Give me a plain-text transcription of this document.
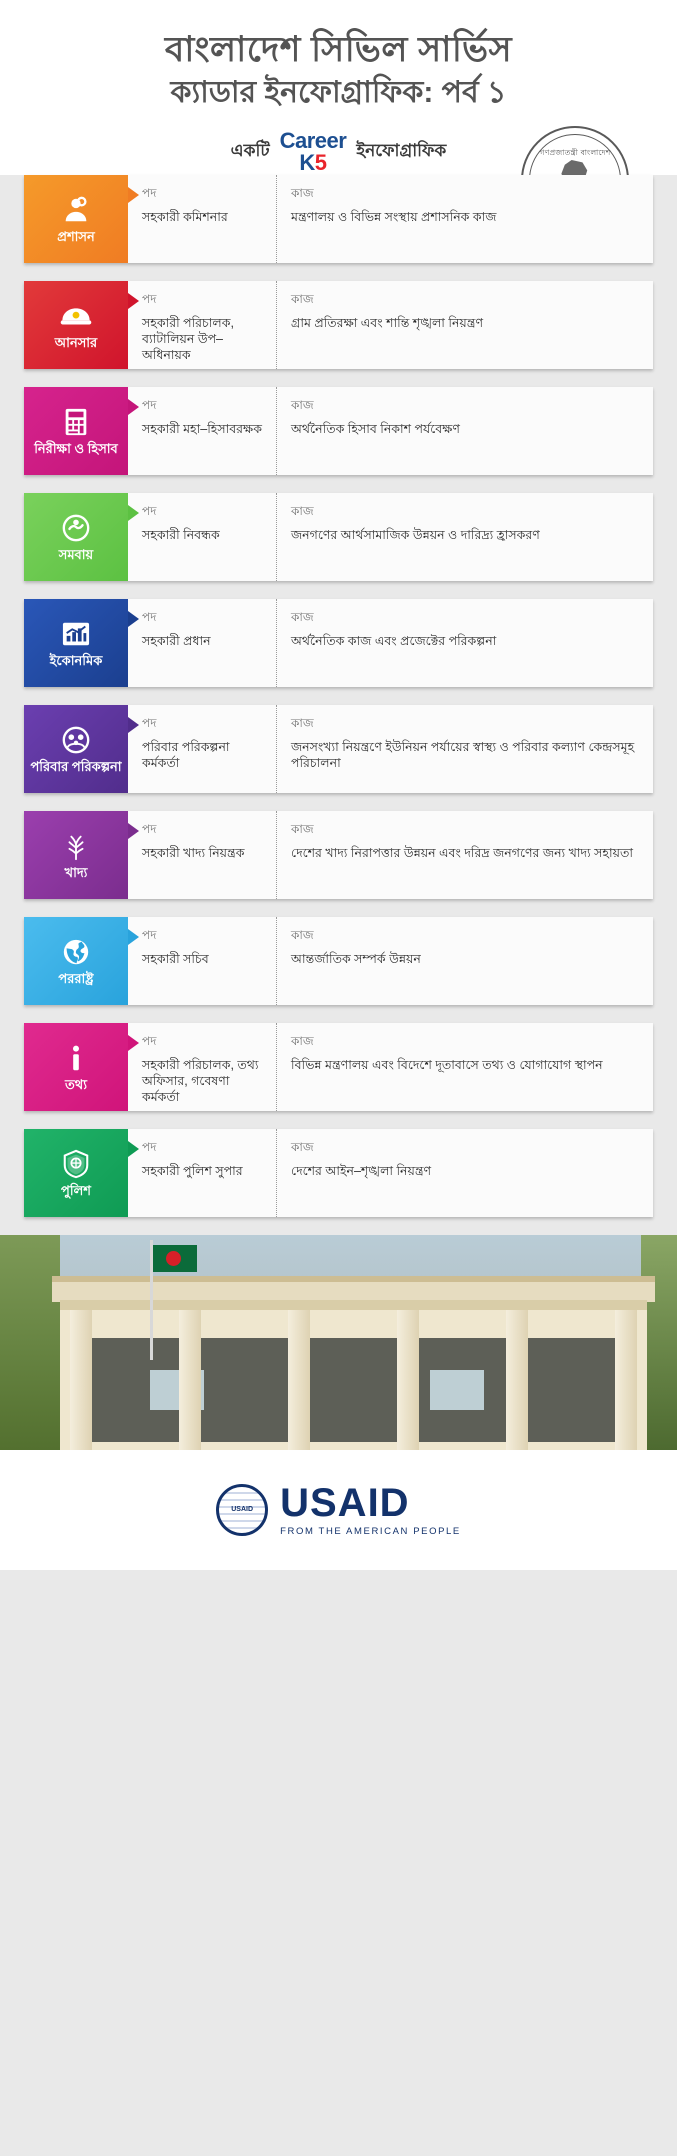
বাংলাদেশ সিভিল সার্ভিস
ক্যাডার ইনফোগ্রাফিক: পর্ব ১
একটি Career
K5	ইনফোগ্রাফিক	গণপ্রজাতন্ত্রী বাংলাদেশ
প্রশাসন
পদ
সহকারী কমিশনার
কাজ
মন্ত্রণালয় ও বিভিন্ন সংস্থায় প্রশাসনিক কাজ
আনসার
পদ
সহকারী পরিচালক, ব্যাটালিয়ন উপ–অধিনায়ক
কাজ
গ্রাম প্রতিরক্ষা এবং শান্তি শৃঙ্খলা নিয়ন্ত্রণ
নিরীক্ষা ও হিসাব
পদ
সহকারী মহা–হিসাবরক্ষক
কাজ
অর্থনৈতিক হিসাব নিকাশ পর্যবেক্ষণ
সমবায়
পদ
সহকারী নিবন্ধক
কাজ
জনগণের আর্থসামাজিক উন্নয়ন ও দারিদ্র্য হ্রাসকরণ
ইকোনমিক
পদ
সহকারী প্রধান
কাজ
অর্থনৈতিক কাজ এবং প্রজেক্টের পরিকল্পনা
পরিবার পরিকল্পনা
পদ
পরিবার পরিকল্পনা কর্মকর্তা
কাজ
জনসংখ্যা নিয়ন্ত্রণে ইউনিয়ন পর্যায়ের স্বাস্থ্য ও পরিবার কল্যাণ কেন্দ্রসমূহ পরিচালনা
খাদ্য
পদ
সহকারী খাদ্য নিয়ন্ত্রক
কাজ
দেশের খাদ্য নিরাপত্তার উন্নয়ন এবং দরিদ্র জনগণের জন্য খাদ্য সহায়তা
পররাষ্ট্র
পদ
সহকারী সচিব
কাজ
আন্তর্জাতিক সম্পর্ক উন্নয়ন
তথ্য
পদ
সহকারী পরিচালক, তথ্য অফিসার, গবেষণা কর্মকর্তা
কাজ
বিভিন্ন মন্ত্রণালয় এবং বিদেশে দূতাবাসে তথ্য ও যোগাযোগ স্থাপন
পুলিশ
পদ
সহকারী পুলিশ সুপার
কাজ
দেশের আইন–শৃঙ্খলা নিয়ন্ত্রণ
USAID USAID
FROM THE AMERICAN PEOPLE
